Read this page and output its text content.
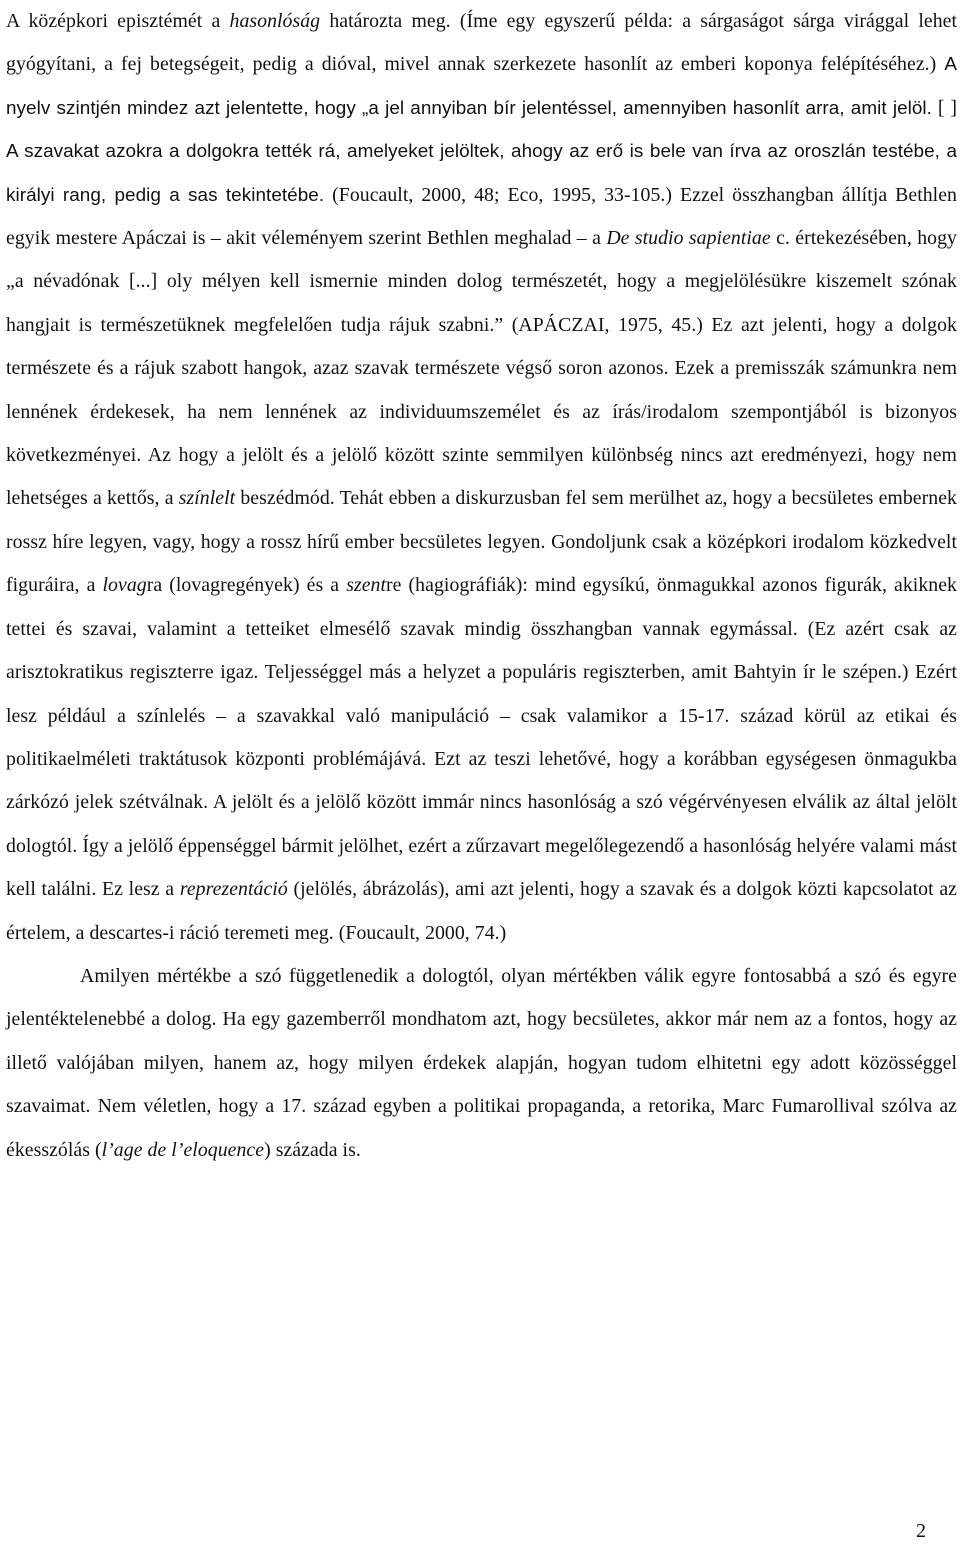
A középkori episztémét a hasonlóság határozta meg. (Íme egy egyszerű példa: a sárgaságot sárga virággal lehet gyógyítani, a fej betegségeit, pedig a dióval, mivel annak szerkezete hasonlít az emberi koponya felépítéséhez.) A nyelv szintjén mindez azt jelentette, hogy „a jel annyiban bír jelentéssel, amennyiben hasonlít arra, amit jelöl. [ ] A szavakat azokra a dolgokra tették rá, amelyeket jelöltek, ahogy az erő is bele van írva az oroszlán testébe, a királyi rang, pedig a sas tekintetébe. (Foucault, 2000, 48; Eco, 1995, 33-105.) Ezzel összhangban állítja Bethlen egyik mestere Apáczai is – akit véleményem szerint Bethlen meghalad – a De studio sapientiae c. értekezésében, hogy „a névadónak [...] oly mélyen kell ismernie minden dolog természetét, hogy a megjelölésükre kiszemelt szónak hangjait is természetüknek megfelelően tudja rájuk szabni.” (APÁCZAI, 1975, 45.) Ez azt jelenti, hogy a dolgok természete és a rájuk szabott hangok, azaz szavak természete végső soron azonos. Ezek a premisszák számunkra nem lennének érdekesek, ha nem lennének az individuumszemélet és az írás/irodalom szempontjából is bizonyos következményei. Az hogy a jelölt és a jelölő között szinte semmilyen különbség nincs azt eredményezi, hogy nem lehetséges a kettős, a színlelt beszédmód. Tehát ebben a diskurzusban fel sem merülhet az, hogy a becsületes embernek rossz híre legyen, vagy, hogy a rossz hírű ember becsületes legyen. Gondoljunk csak a középkori irodalom közkedvelt figuráira, a lovagra (lovagregények) és a szentre (hagiográfiák): mind egysíkú, önmagukkal azonos figurák, akiknek tettei és szavai, valamint a tetteiket elmesélő szavak mindig összhangban vannak egymással. (Ez azért csak az arisztokratikus regiszterre igaz. Teljességgel más a helyzet a populáris regiszterben, amit Bahtyin ír le szépen.) Ezért lesz például a színlelés – a szavakkal való manipuláció – csak valamikor a 15-17. század körül az etikai és politikaelméleti traktátusok központi problémájává. Ezt az teszi lehetővé, hogy a korábban egységesen önmagukba zárkózó jelek szétválnak. A jelölt és a jelölő között immár nincs hasonlóság a szó végérvényesen elválik az által jelölt dologtól. Így a jelölő éppenséggel bármit jelölhet, ezért a zűrzavart megelőlegezendő a hasonlóság helyére valami mást kell találni. Ez lesz a reprezentáció (jelölés, ábrázolás), ami azt jelenti, hogy a szavak és a dolgok közti kapcsolatot az értelem, a descartes-i ráció teremeti meg. (Foucault, 2000, 74.)

Amilyen mértékbe a szó függetlenedik a dologtól, olyan mértékben válik egyre fontosabbá a szó és egyre jelentéktelenebbé a dolog. Ha egy gazemberről mondhatom azt, hogy becsületes, akkor már nem az a fontos, hogy az illető valójában milyen, hanem az, hogy milyen érdekek alapján, hogyan tudom elhitetni egy adott közösséggel szavaimat. Nem véletlen, hogy a 17. század egyben a politikai propaganda, a retorika, Marc Fumarollival szólva az ékesszólás (l’age de l’eloquence) százada is.

2
